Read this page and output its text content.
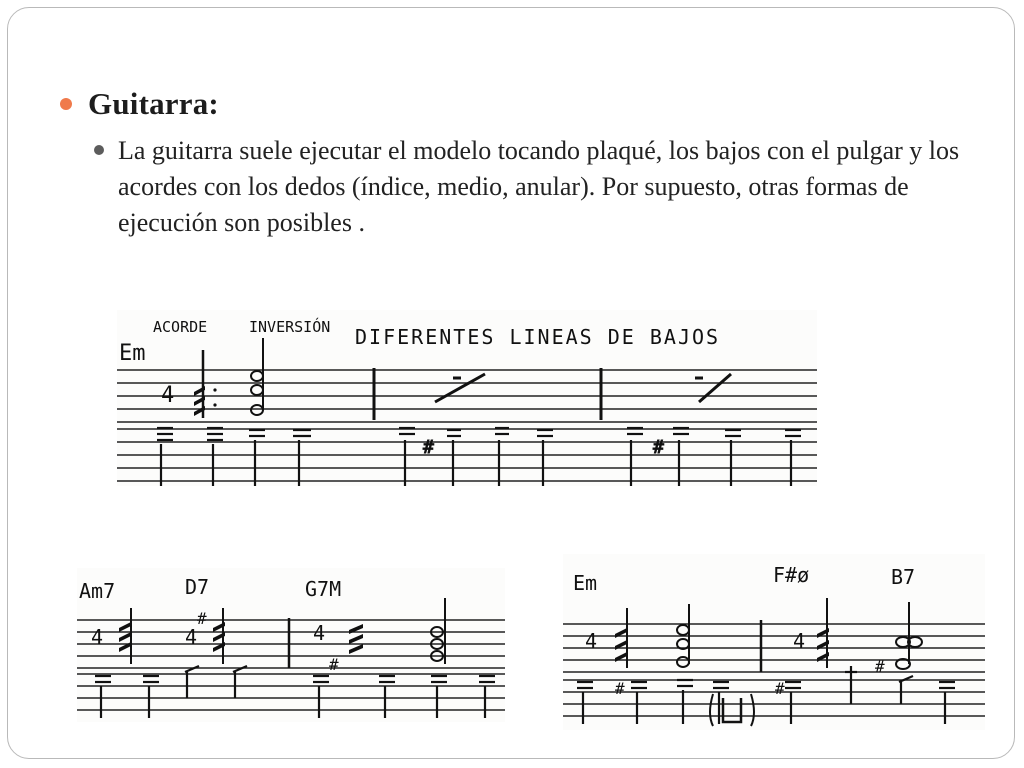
Guitarra:
La guitarra suele ejecutar el modelo tocando plaqué, los bajos con el pulgar y los acordes con los dedos (índice, medio, anular). Por supuesto, otras formas de ejecución son posibles .
ACORDE	INVERSIÓN DIFERENTES LINEAS DE BAJOS
Em
4
#	#
Am7	D7	G7M
4	4
#
4
#
Em	F#ø	B7
4	4
#	#
#
